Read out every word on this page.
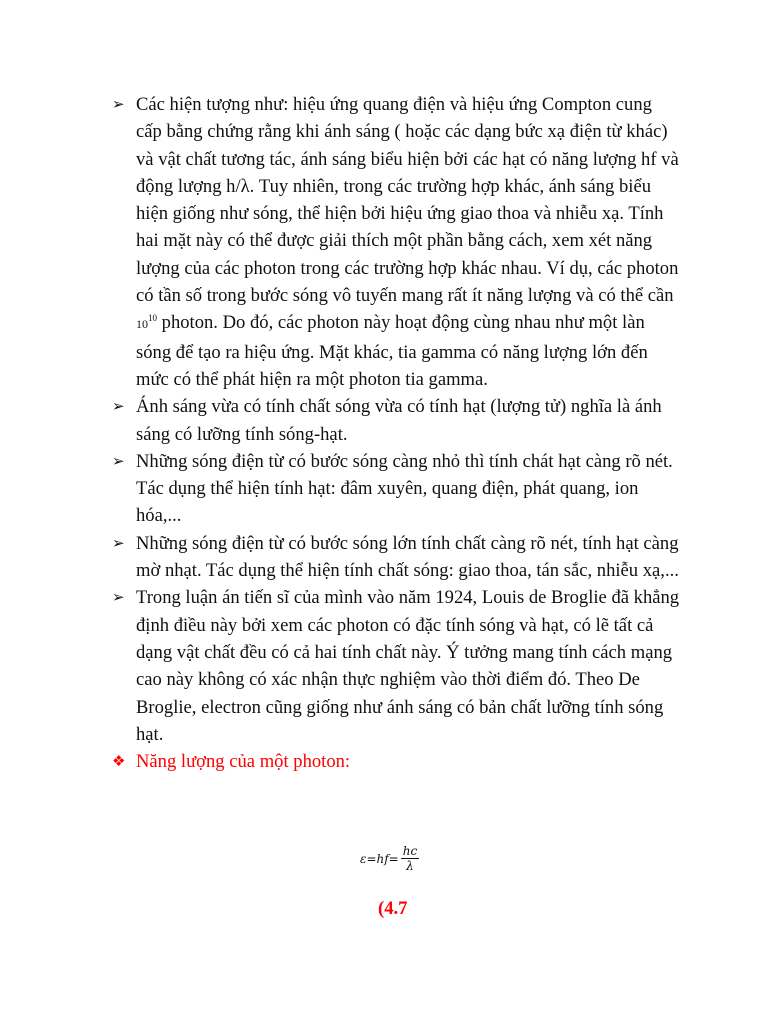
➢ Các hiện tượng như: hiệu ứng quang điện và hiệu ứng Compton cung cấp bằng chứng rằng khi ánh sáng ( hoặc các dạng bức xạ điện từ khác) và vật chất tương tác, ánh sáng biểu hiện bởi các hạt có năng lượng hf và động lượng h/λ. Tuy nhiên, trong các trường hợp khác, ánh sáng biểu hiện giống như sóng, thể hiện bởi hiệu ứng giao thoa và nhiễu xạ. Tính hai mặt này có thể được giải thích một phần bằng cách, xem xét năng lượng của các photon trong các trường hợp khác nhau. Ví dụ, các photon có tần số trong bước sóng vô tuyến mang rất ít năng lượng và có thể cần $10^{10}$ photon. Do đó, các photon này hoạt động cùng nhau như một làn sóng để tạo ra hiệu ứng. Mặt khác, tia gamma có năng lượng lớn đến mức có thể phát hiện ra một photon tia gamma.
➢ Ánh sáng vừa có tính chất sóng vừa có tính hạt (lượng tử) nghĩa là ánh sáng có lưỡng tính sóng-hạt.
➢ Những sóng điện từ có bước sóng càng nhỏ thì tính chát hạt càng rõ nét. Tác dụng thể hiện tính hạt: đâm xuyên, quang điện, phát quang, ion hóa,...
➢ Những sóng điện từ có bước sóng lớn tính chất càng rõ nét, tính hạt càng mờ nhạt. Tác dụng thể hiện tính chất sóng: giao thoa, tán sắc, nhiễu xạ,...
➢ Trong luận án tiến sĩ của mình vào năm 1924, Louis de Broglie đã khẳng định điều này bởi xem các photon có đặc tính sóng và hạt, có lẽ tất cả dạng vật chất đều có cả hai tính chất này. Ý tưởng mang tính cách mạng cao này không có xác nhận thực nghiệm vào thời điểm đó. Theo De Broglie, electron cũng giống như ánh sáng có bản chất lưỡng tính sóng hạt.
❖ Năng lượng của một photon:
$\varepsilon=hf= \frac{hc}{\lambda}$
(4.7
